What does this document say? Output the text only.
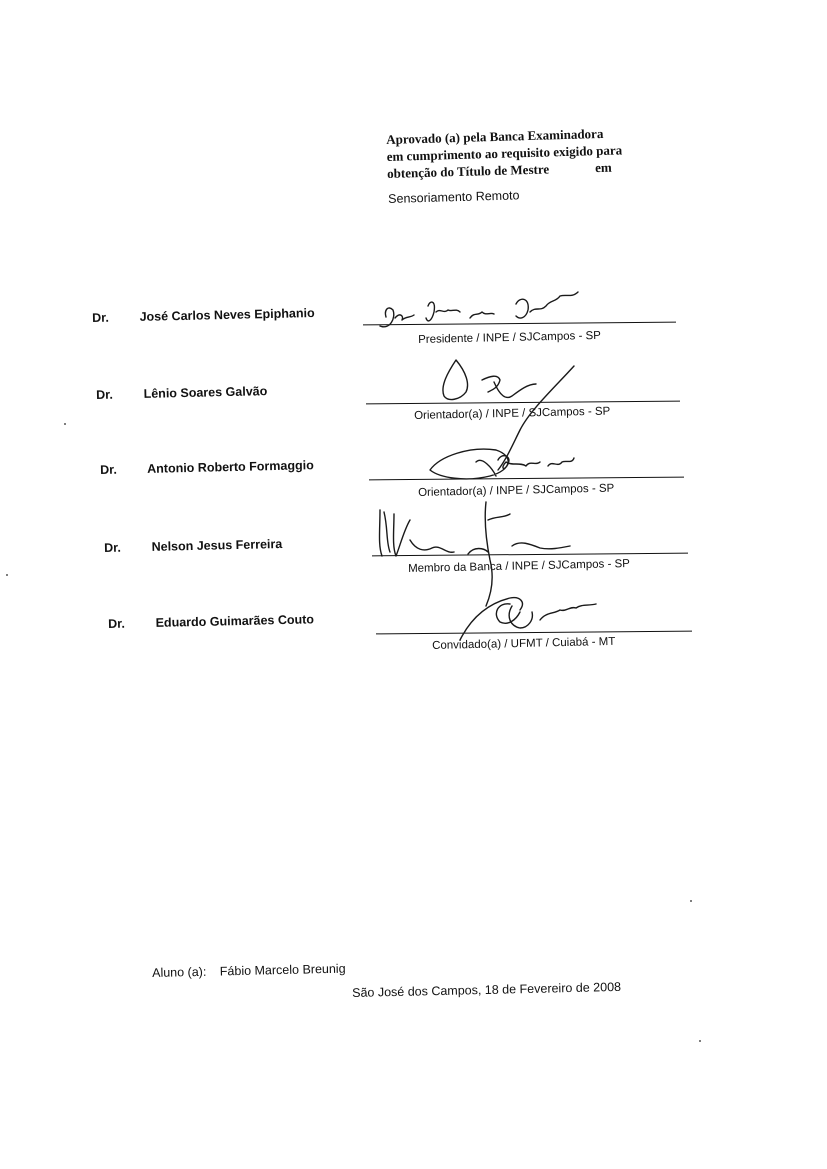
Aprovado (a) pela Banca Examinadora
em cumprimento ao requisito exigido para
obtenção do Título de Mestre	em
Sensoriamento Remoto
Dr. José Carlos Neves Epiphanio
Presidente / INPE / SJCampos - SP
Dr. Lênio Soares Galvão
Orientador(a) / INPE / SJCampos - SP
Dr. Antonio Roberto Formaggio
Orientador(a) / INPE / SJCampos - SP
Dr. Nelson Jesus Ferreira
Membro da Banca / INPE / SJCampos - SP
Dr. Eduardo Guimarães Couto
Convidado(a) / UFMT / Cuiabá - MT
Aluno (a): Fábio Marcelo Breunig
São José dos Campos, 18 de Fevereiro de 2008
